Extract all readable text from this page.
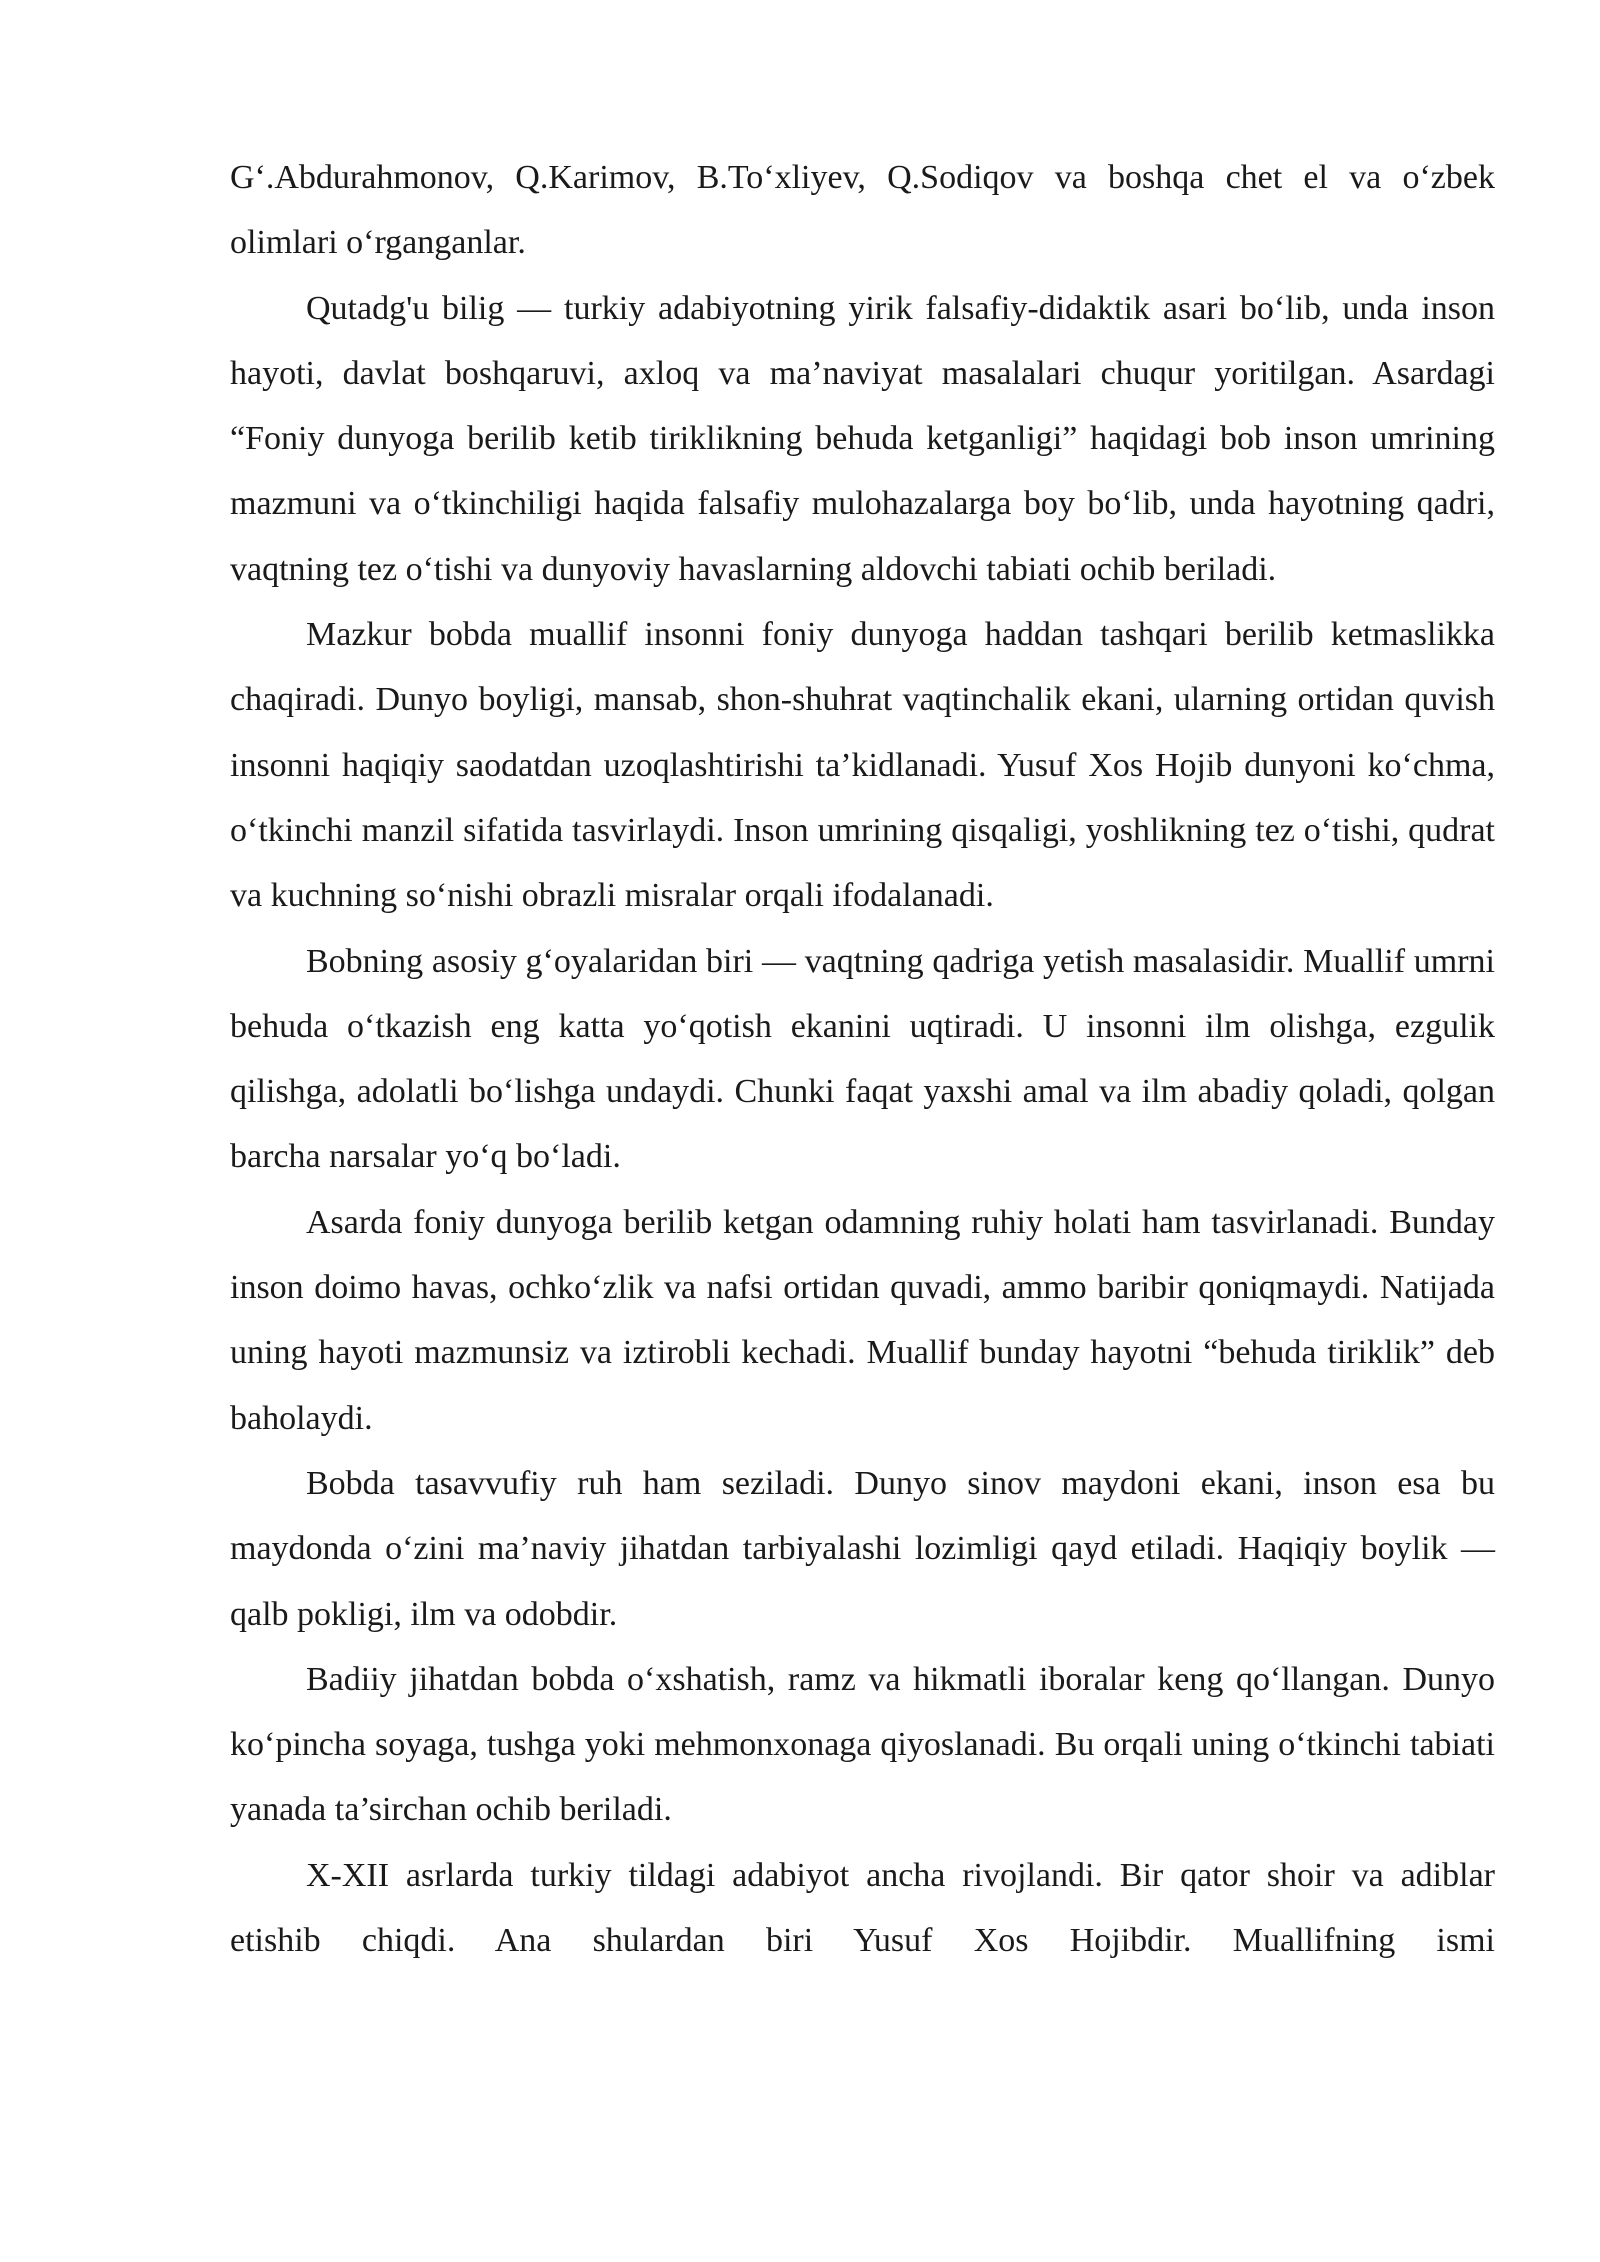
G‘.Abdurahmonov, Q.Karimov, B.To‘xliyev, Q.Sodiqov va boshqa chet el va o‘zbek olimlari o‘rganganlar.

Qutadg'u bilig — turkiy adabiyotning yirik falsafiy-didaktik asari bo‘lib, unda inson hayoti, davlat boshqaruvi, axloq va ma’naviyat masalalari chuqur yoritilgan. Asardagi “Foniy dunyoga berilib ketib tiriklikning behuda ketganligi” haqidagi bob inson umrining mazmuni va o‘tkinchiligi haqida falsafiy mulohazalarga boy bo‘lib, unda hayotning qadri, vaqtning tez o‘tishi va dunyoviy havaslarning aldovchi tabiati ochib beriladi.

Mazkur bobda muallif insonni foniy dunyoga haddan tashqari berilib ketmaslikka chaqiradi. Dunyo boyligi, mansab, shon-shuhrat vaqtinchalik ekani, ularning ortidan quvish insonni haqiqiy saodatdan uzoqlashtirishi ta’kidlanadi. Yusuf Xos Hojib dunyoni ko‘chma, o‘tkinchi manzil sifatida tasvirlaydi. Inson umrining qisqaligi, yoshlikning tez o‘tishi, qudrat va kuchning so‘nishi obrazli misralar orqali ifodalanadi.

Bobning asosiy g‘oyalaridan biri — vaqtning qadriga yetish masalasidir. Muallif umrni behuda o‘tkazish eng katta yo‘qotish ekanini uqtiradi. U insonni ilm olishga, ezgulik qilishga, adolatli bo‘lishga undaydi. Chunki faqat yaxshi amal va ilm abadiy qoladi, qolgan barcha narsalar yo‘q bo‘ladi.

Asarda foniy dunyoga berilib ketgan odamning ruhiy holati ham tasvirlanadi. Bunday inson doimo havas, ochko‘zlik va nafsi ortidan quvadi, ammo baribir qoniqmaydi. Natijada uning hayoti mazmunsiz va iztirobli kechadi. Muallif bunday hayotni “behuda tiriklik” deb baholaydi.

Bobda tasavvufiy ruh ham seziladi. Dunyo sinov maydoni ekani, inson esa bu maydonda o‘zini ma’naviy jihatdan tarbiyalashi lozimligi qayd etiladi. Haqiqiy boylik — qalb pokligi, ilm va odobdir.

Badiiy jihatdan bobda o‘xshatish, ramz va hikmatli iboralar keng qo‘llangan. Dunyo ko‘pincha soyaga, tushga yoki mehmonxonaga qiyoslanadi. Bu orqali uning o‘tkinchi tabiati yanada ta’sirchan ochib beriladi.

X-XII asrlarda turkiy tildagi adabiyot ancha rivojlandi. Bir qator shoir va adiblar etishib chiqdi. Ana shulardan biri Yusuf Xos Hojibdir. Muallifning ismi
